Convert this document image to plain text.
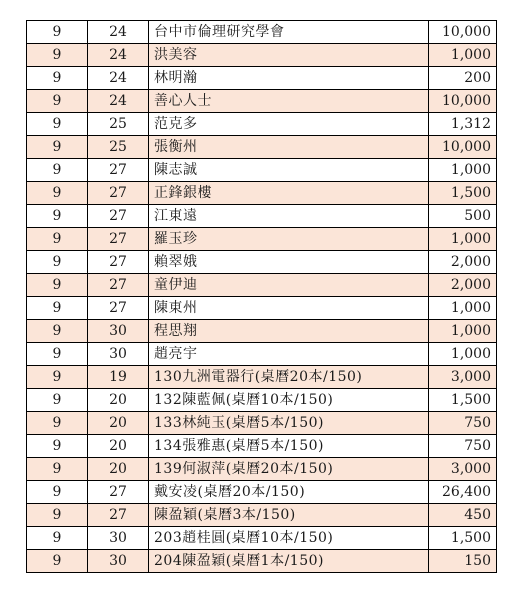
9	24	台中市倫理研究學會	10,000
9	24	洪美容	1,000
9	24	林明瀚	200
9	24	善心人士	10,000
9	25	范克多	1,312
9	25	張衡州	10,000
9	27	陳志誠	1,000
9	27	正鋒銀樓	1,500
9	27	江東遠	500
9	27	羅玉珍	1,000
9	27	賴翠娥	2,000
9	27	童伊迪	2,000
9	27	陳東州	1,000
9	30	程思翔	1,000
9	30	趙亮宇	1,000
9	19	130九洲電器行(桌曆20本/150)	3,000
9	20	132陳藍佩(桌曆10本/150)	1,500
9	20	133林純玉(桌曆5本/150)	750
9	20	134張雅惠(桌曆5本/150)	750
9	20	139何淑萍(桌曆20本/150)	3,000
9	27	戴安凌(桌曆20本/150)	26,400
9	27	陳盈穎(桌曆3本/150)	450
9	30	203趙桂圓(桌曆10本/150)	1,500
9	30	204陳盈穎(桌曆1本/150)	150
